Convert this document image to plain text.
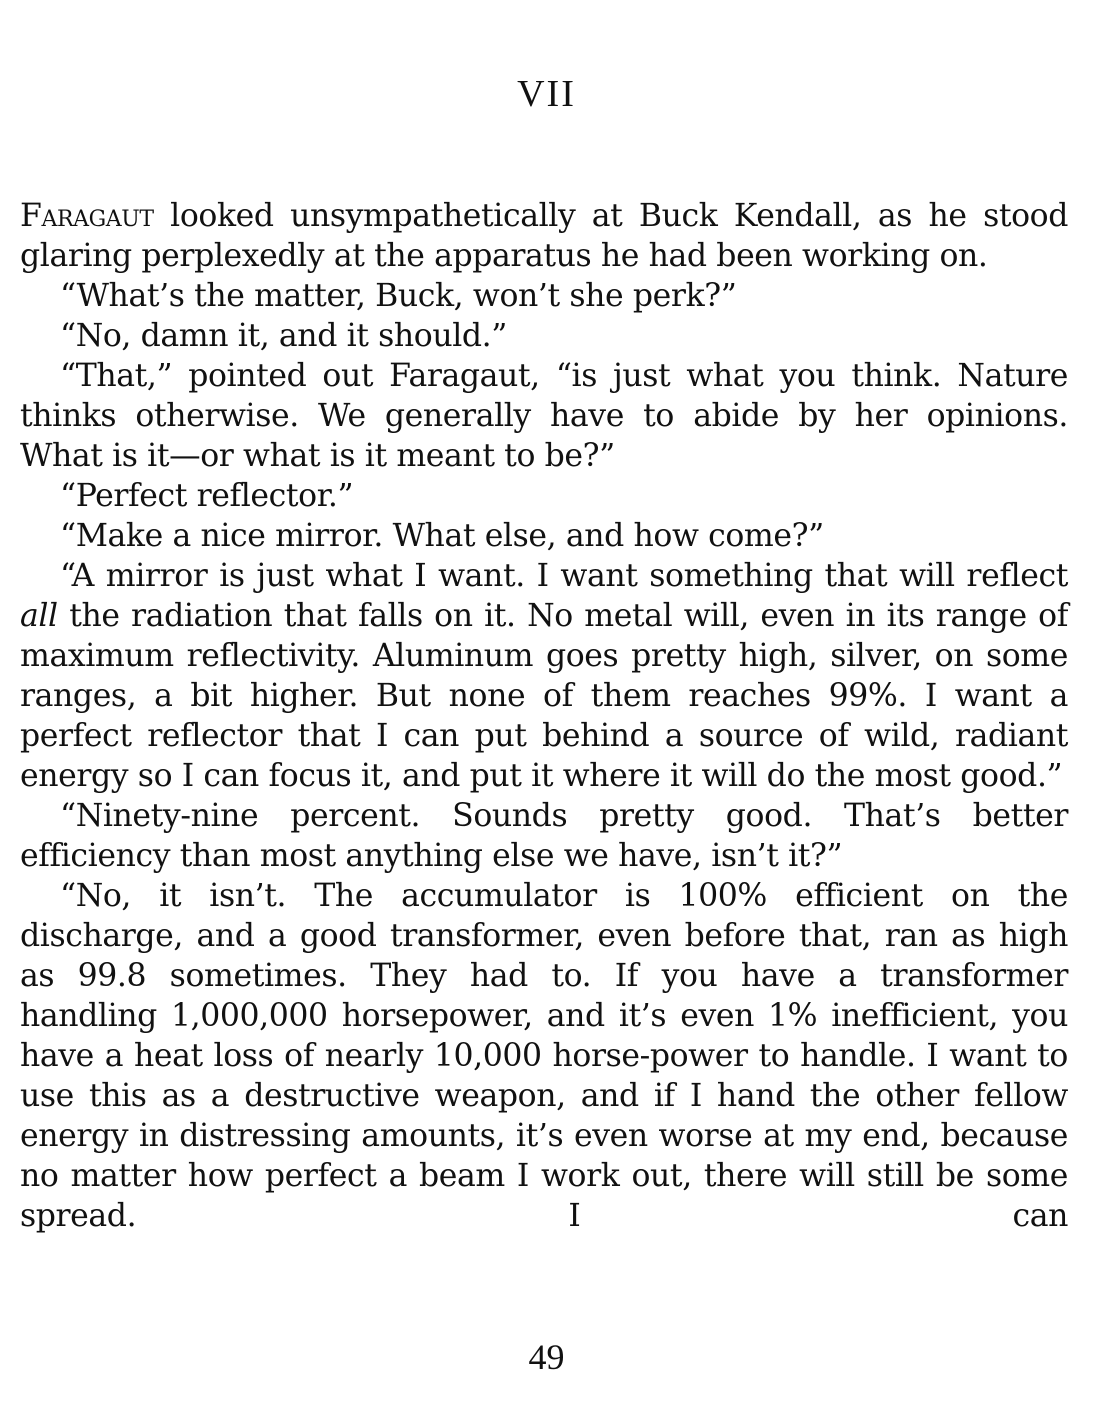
VII

Faragaut looked unsympathetically at Buck Kendall, as he stood glaring perplexedly at the apparatus he had been working on.

“What’s the matter, Buck, won’t she perk?”

“No, damn it, and it should.”

“That,” pointed out Faragaut, “is just what you think. Nature thinks otherwise. We generally have to abide by her opinions. What is it—or what is it meant to be?”

“Perfect reflector.”

“Make a nice mirror. What else, and how come?”

“A mirror is just what I want. I want something that will reflect all the radiation that falls on it. No metal will, even in its range of maximum reflectivity. Aluminum goes pretty high, silver, on some ranges, a bit higher. But none of them reaches 99%. I want a perfect reflector that I can put behind a source of wild, radiant energy so I can focus it, and put it where it will do the most good.”

“Ninety-nine percent. Sounds pretty good. That’s better efficiency than most anything else we have, isn’t it?”

“No, it isn’t. The accumulator is 100% efficient on the discharge, and a good transformer, even before that, ran as high as 99.8 sometimes. They had to. If you have a transformer handling 1,000,000 horsepower, and it’s even 1% inefficient, you have a heat loss of nearly 10,000 horse-power to handle. I want to use this as a destructive weapon, and if I hand the other fellow energy in distressing amounts, it’s even worse at my end, because no matter how perfect a beam I work out, there will still be some spread. I can

49
